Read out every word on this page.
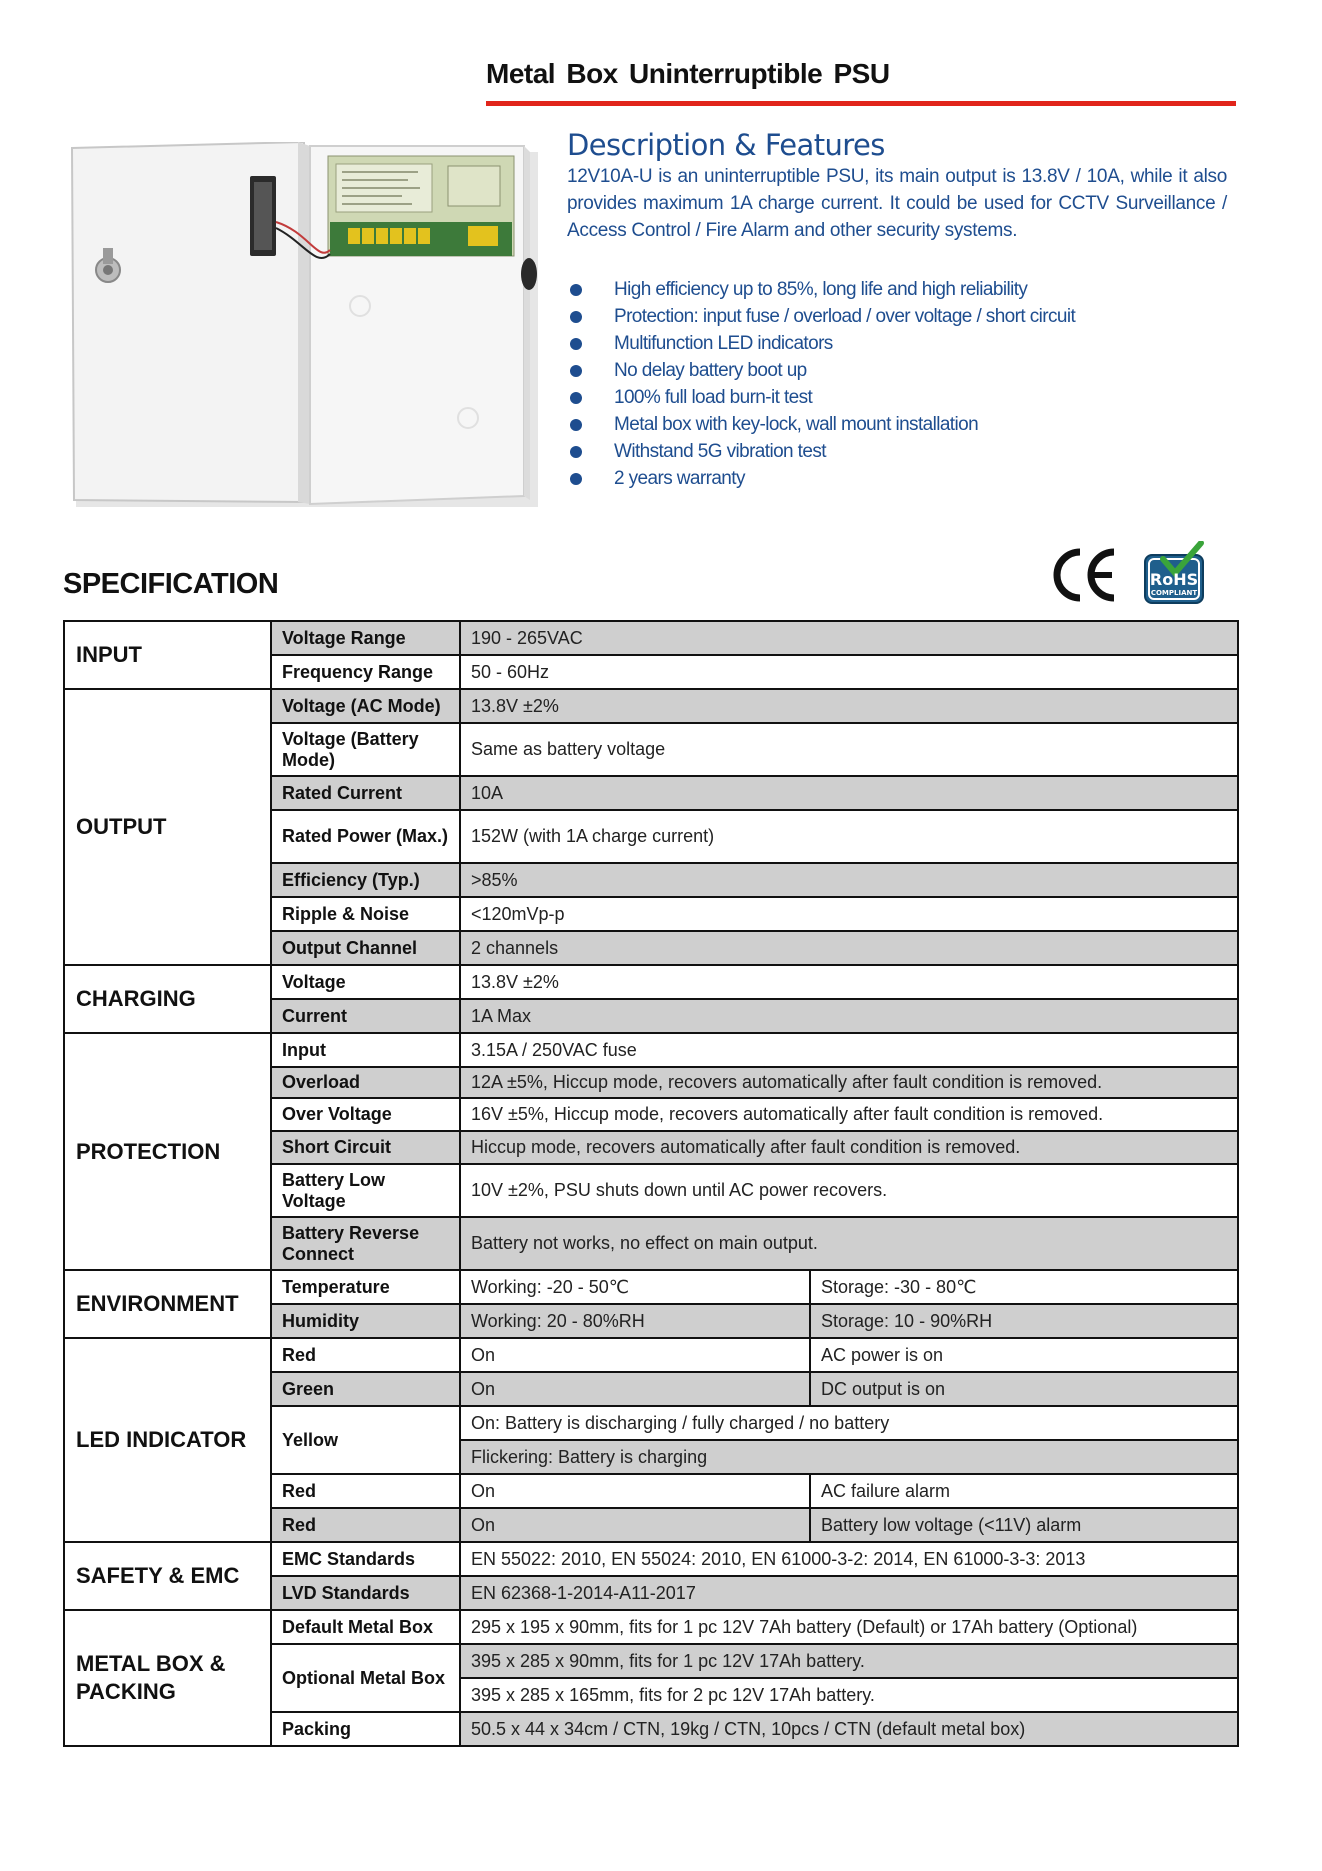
Metal Box Uninterruptible PSU
Description & Features
12V10A-U is an uninterruptible PSU, its main output is 13.8V / 10A, while it also provides maximum 1A charge current. It could be used for CCTV Surveillance / Access Control / Fire Alarm and other security systems.
High efficiency up to 85%, long life and high reliability
Protection: input fuse / overload / over voltage / short circuit
Multifunction LED indicators
No delay battery boot up
100% full load burn-it test
Metal box with key-lock, wall mount installation
Withstand 5G vibration test
2 years warranty
SPECIFICATION	RoHS
COMPLIANT
INPUT	Voltage Range	190 - 265VAC	
	Frequency Range	50 - 60Hz	
OUTPUT	Voltage (AC Mode)	13.8V ±2%	
	Voltage (Battery Mode)	Same as battery voltage	
	Rated Current	10A	
	Rated Power (Max.)	152W (with 1A charge current)	
	Efficiency (Typ.)	>85%	
	Ripple & Noise	<120mVp-p	
	Output Channel	2 channels	
CHARGING	Voltage	13.8V ±2%	
	Current	1A Max	
PROTECTION	Input	3.15A / 250VAC fuse	
	Overload	12A ±5%, Hiccup mode, recovers automatically after fault condition is removed.	
	Over Voltage	16V ±5%, Hiccup mode, recovers automatically after fault condition is removed.	
	Short Circuit	Hiccup mode, recovers automatically after fault condition is removed.	
	Battery Low Voltage	10V ±2%, PSU shuts down until AC power recovers.	
	Battery Reverse Connect	Battery not works, no effect on main output.	
ENVIRONMENT	Temperature	Working: -20 - 50℃	Storage: -30 - 80℃
	Humidity	Working: 20 - 80%RH	Storage: 10 - 90%RH
LED INDICATOR	Red	On	AC power is on
	Green	On	DC output is on
	Yellow	On: Battery is discharging / fully charged / no battery	
		Flickering: Battery is charging	
	Red	On	AC failure alarm
	Red	On	Battery low voltage (<11V) alarm
SAFETY & EMC	EMC Standards	EN 55022: 2010, EN 55024: 2010, EN 61000-3-2: 2014, EN 61000-3-3: 2013	
	LVD Standards	EN 62368-1-2014-A11-2017	
METAL BOX & PACKING	Default Metal Box	295 x 195 x 90mm, fits for 1 pc 12V 7Ah battery (Default) or 17Ah battery (Optional)	
	Optional Metal Box	395 x 285 x 90mm, fits for 1 pc 12V 17Ah battery.	
		395 x 285 x 165mm, fits for 2 pc 12V 17Ah battery.	
	Packing	50.5 x 44 x 34cm / CTN, 19kg / CTN, 10pcs / CTN (default metal box)	
